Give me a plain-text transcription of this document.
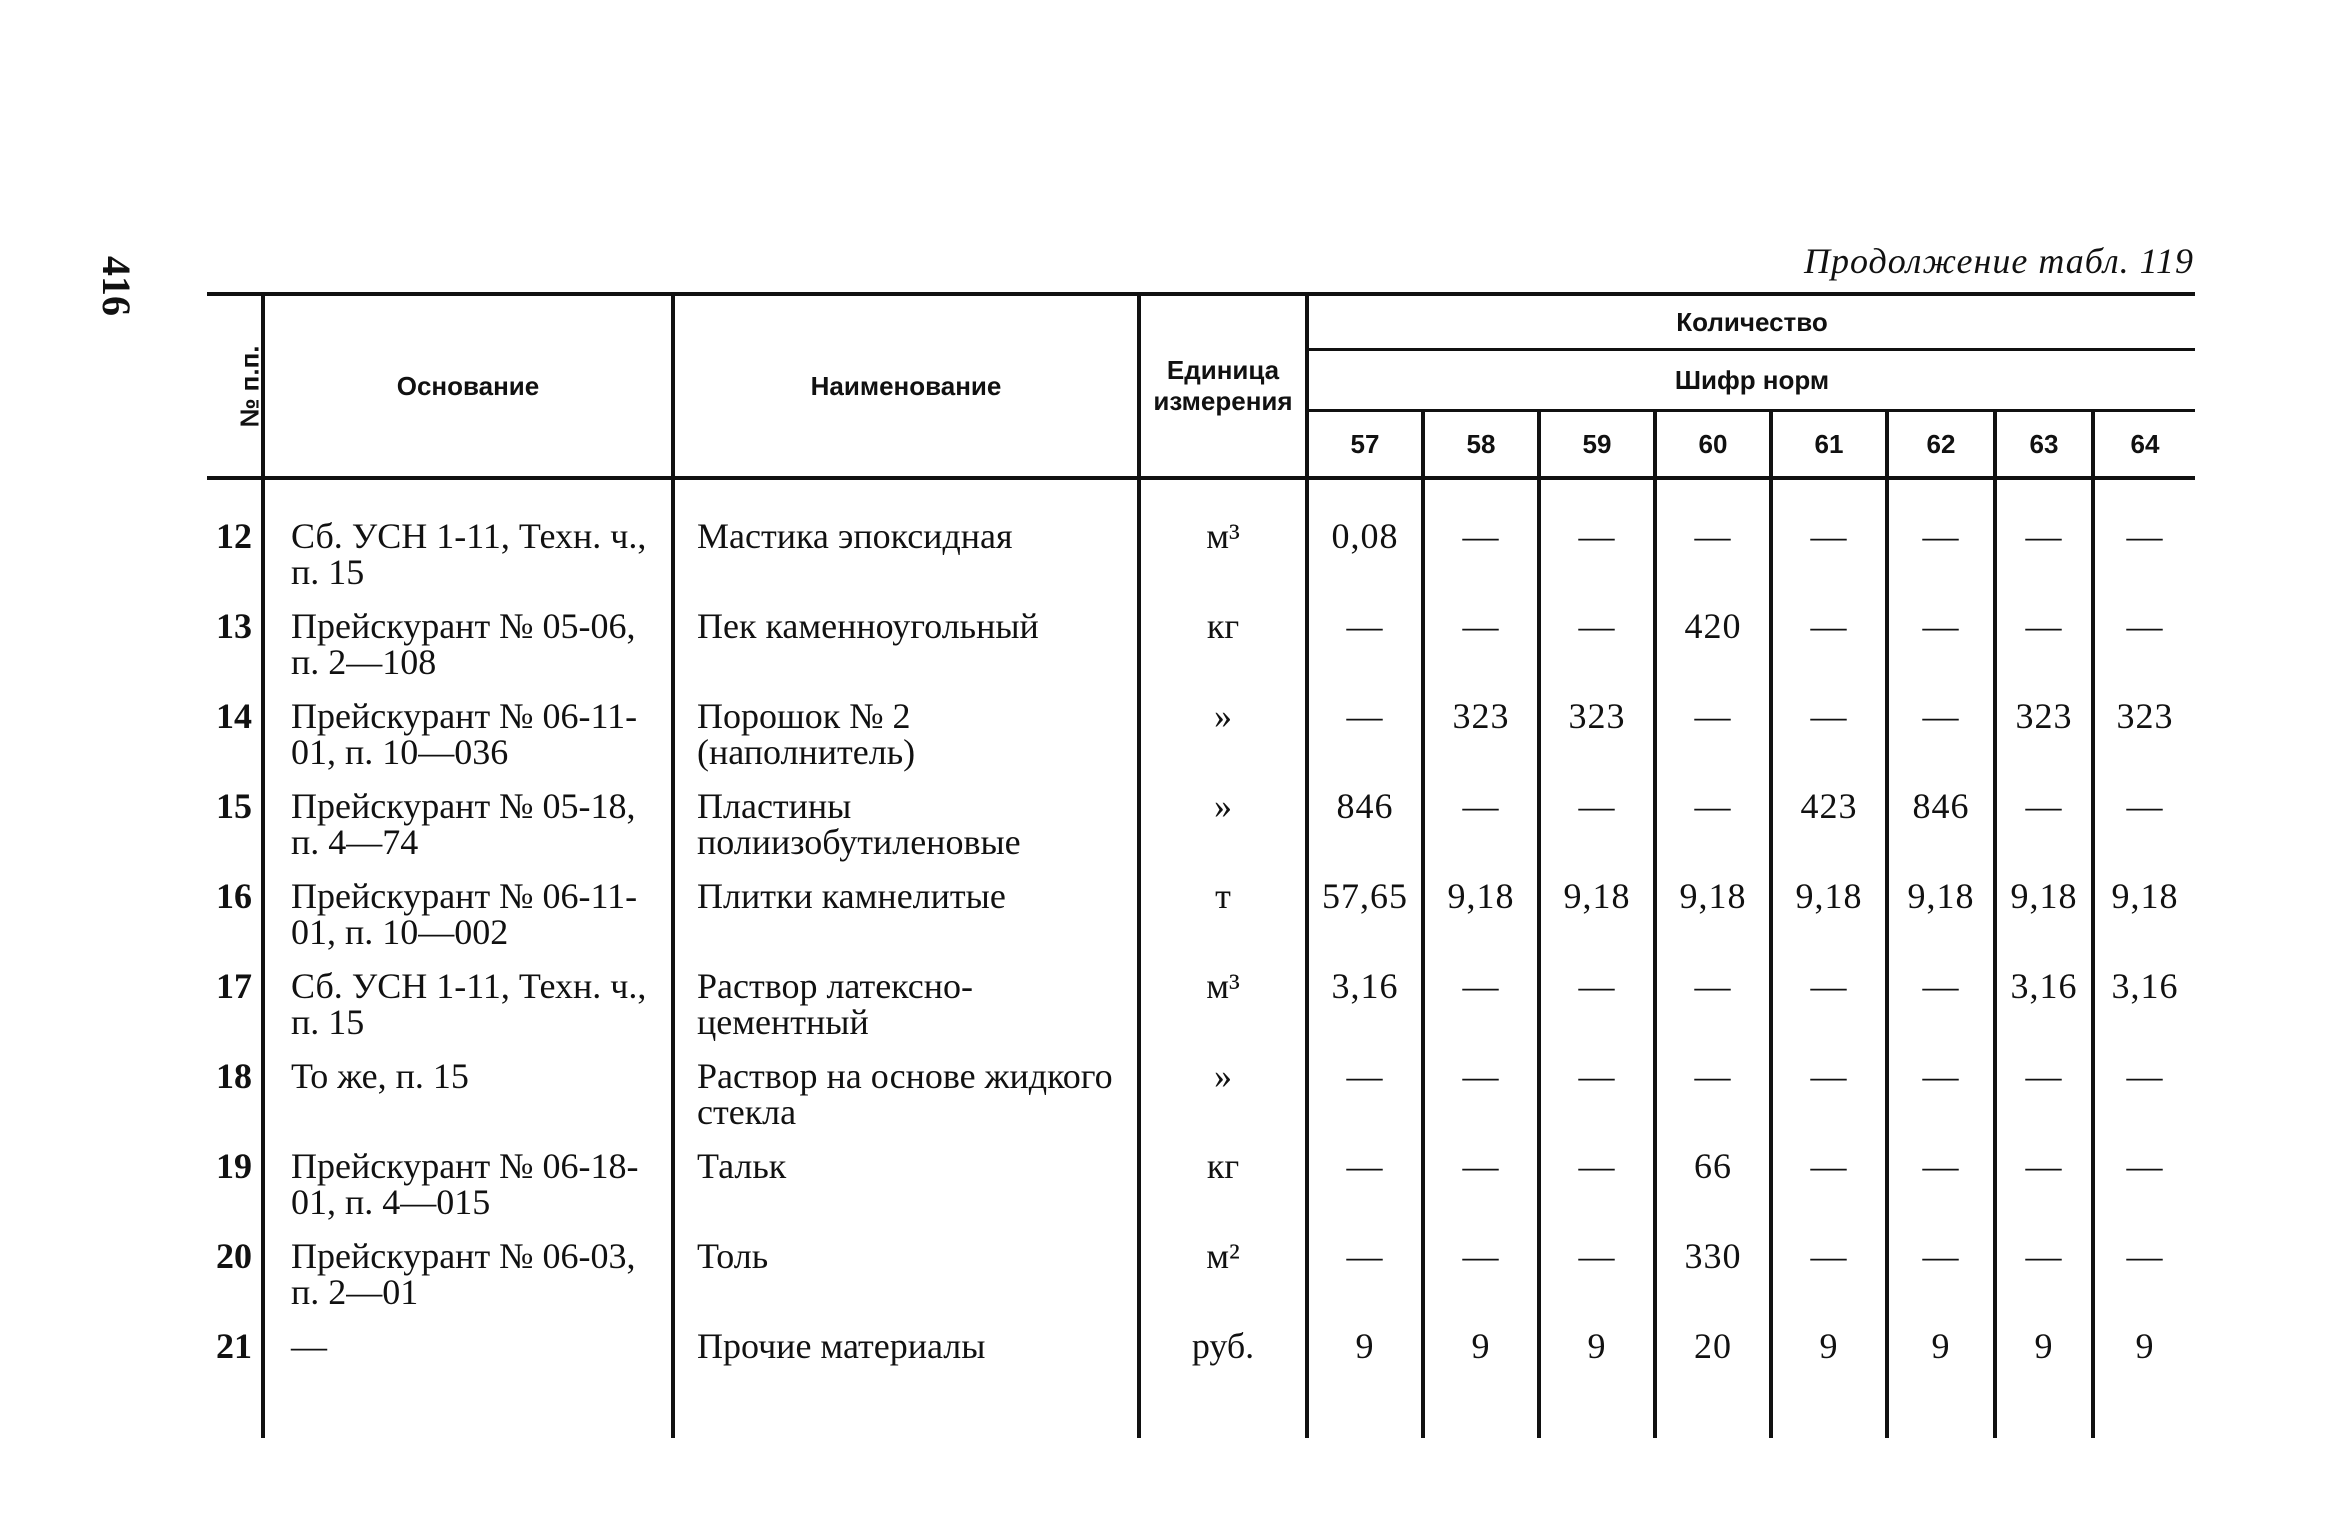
416	Продолжение табл. 119
№ п.п.	Основание	Наименование	Единица измерения	Количество							
				Шифр норм							
				57	58	59	60	61	62	63	64
12	Сб. УСН 1-11, Техн. ч., п. 15	Мастика эпоксидная	м³	0,08	—	—	—	—	—	—	—
13	Прейскурант № 05-06, п. 2—108	Пек каменноугольный	кг	—	—	—	420	—	—	—	—
14	Прейскурант № 06-11-01, п. 10—036	Порошок № 2 (наполнитель)	»	—	323	323	—	—	—	323	323
15	Прейскурант № 05-18, п. 4—74	Пластины полиизобутиленовые	»	846	—	—	—	423	846	—	—
16	Прейскурант № 06-11-01, п. 10—002	Плитки камнелитые	т	57,65	9,18	9,18	9,18	9,18	9,18	9,18	9,18
17	Сб. УСН 1-11, Техн. ч., п. 15	Раствор латексно-цементный	м³	3,16	—	—	—	—	—	3,16	3,16
18	То же, п. 15	Раствор на основе жидкого стекла	»	—	—	—	—	—	—	—	—
19	Прейскурант № 06-18-01, п. 4—015	Тальк	кг	—	—	—	66	—	—	—	—
20	Прейскурант № 06-03, п. 2—01	Толь	м²	—	—	—	330	—	—	—	—
21	—	Прочие материалы	руб.	9	9	9	20	9	9	9	9
